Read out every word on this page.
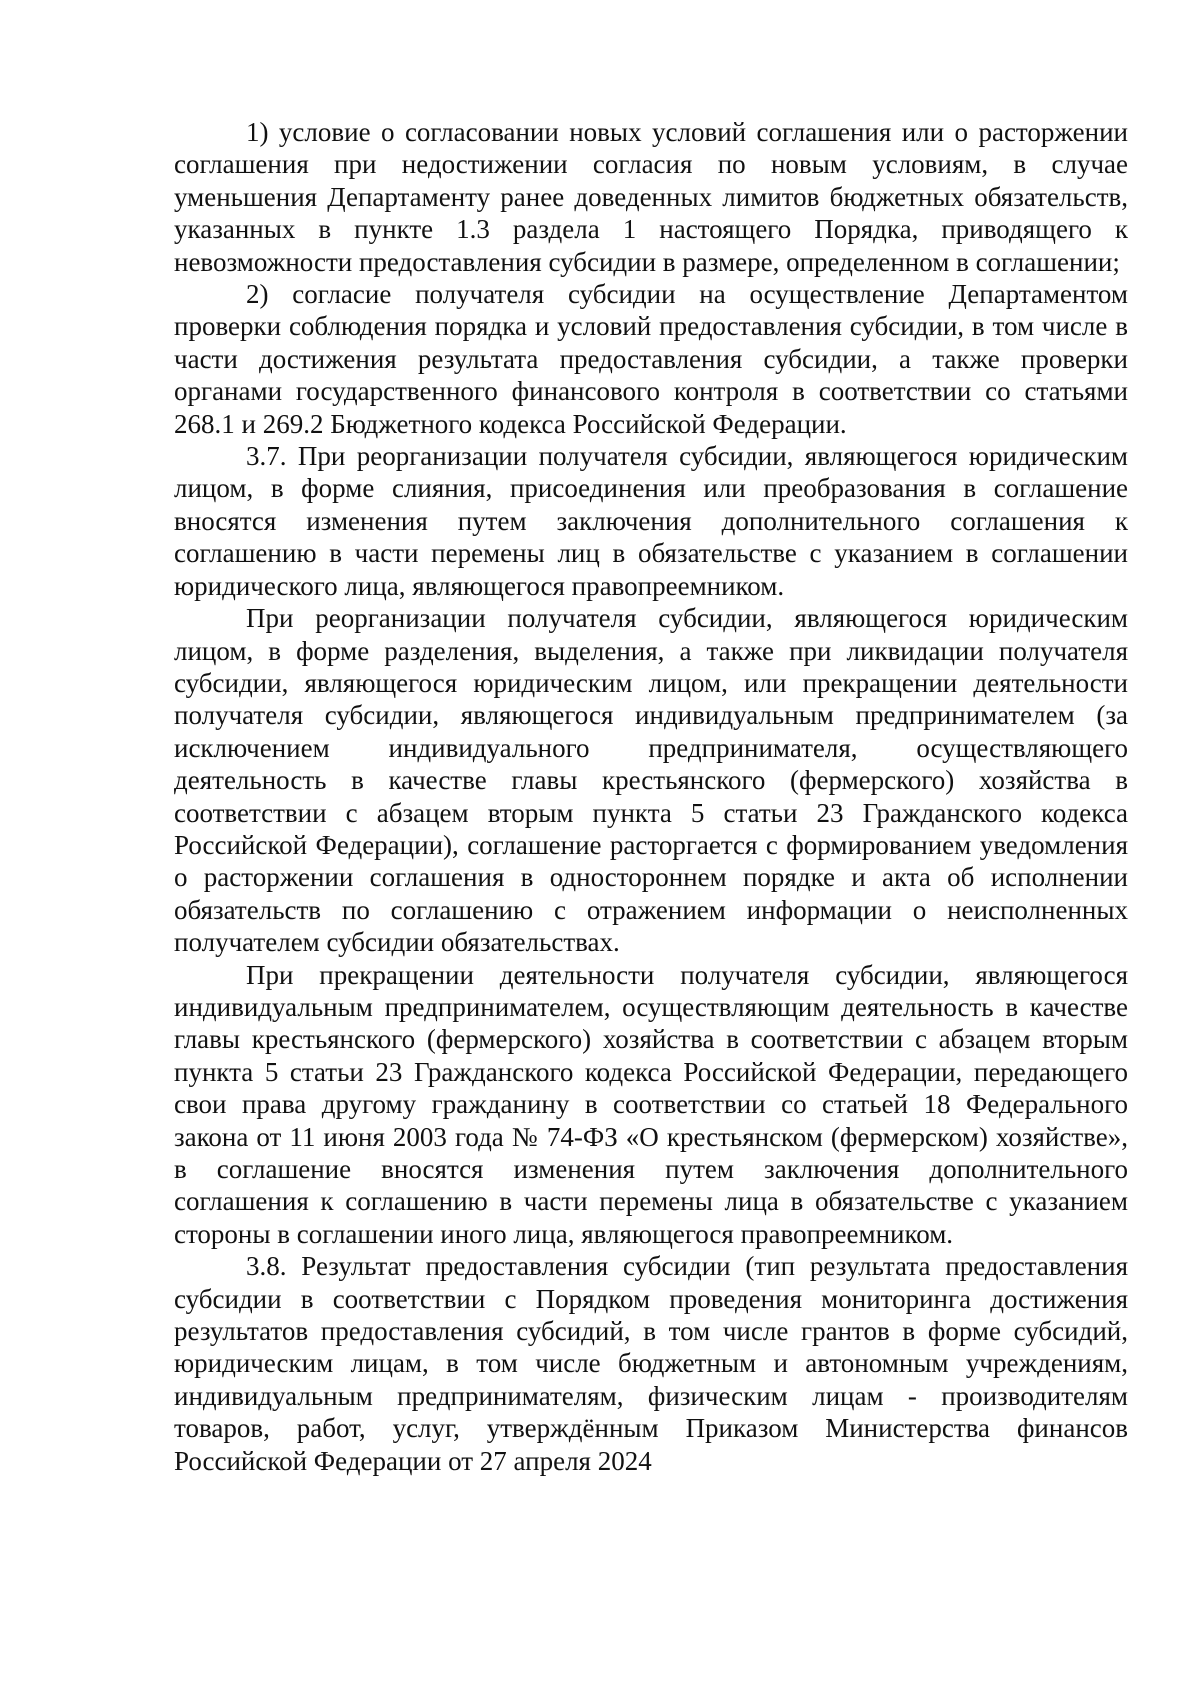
1) условие о согласовании новых условий соглашения или о расторжении соглашения при недостижении согласия по новым условиям, в случае уменьшения Департаменту ранее доведенных лимитов бюджетных обязательств, указанных в пункте 1.3 раздела 1 настоящего Порядка, приводящего к невозможности предоставления субсидии в размере, определенном в соглашении;

2) согласие получателя субсидии на осуществление Департаментом проверки соблюдения порядка и условий предоставления субсидии, в том числе в части достижения результата предоставления субсидии, а также проверки органами государственного финансового контроля в соответствии со статьями 268.1 и 269.2 Бюджетного кодекса Российской Федерации.

3.7. При реорганизации получателя субсидии, являющегося юридическим лицом, в форме слияния, присоединения или преобразования в соглашение вносятся изменения путем заключения дополнительного соглашения к соглашению в части перемены лиц в обязательстве с указанием в соглашении юридического лица, являющегося правопреемником.

При реорганизации получателя субсидии, являющегося юридическим лицом, в форме разделения, выделения, а также при ликвидации получателя субсидии, являющегося юридическим лицом, или прекращении деятельности получателя субсидии, являющегося индивидуальным предпринимателем (за исключением индивидуального предпринимателя, осуществляющего деятельность в качестве главы крестьянского (фермерского) хозяйства в соответствии с абзацем вторым пункта 5 статьи 23 Гражданского кодекса Российской Федерации), соглашение расторгается с формированием уведомления о расторжении соглашения в одностороннем порядке и акта об исполнении обязательств по соглашению с отражением информации о неисполненных получателем субсидии обязательствах.

При прекращении деятельности получателя субсидии, являющегося индивидуальным предпринимателем, осуществляющим деятельность в качестве главы крестьянского (фермерского) хозяйства в соответствии с абзацем вторым пункта 5 статьи 23 Гражданского кодекса Российской Федерации, передающего свои права другому гражданину в соответствии со статьей 18 Федерального закона от 11 июня 2003 года № 74-ФЗ «О крестьянском (фермерском) хозяйстве», в соглашение вносятся изменения путем заключения дополнительного соглашения к соглашению в части перемены лица в обязательстве с указанием стороны в соглашении иного лица, являющегося правопреемником.

3.8. Результат предоставления субсидии (тип результата предоставления субсидии в соответствии с Порядком проведения мониторинга достижения результатов предоставления субсидий, в том числе грантов в форме субсидий, юридическим лицам, в том числе бюджетным и автономным учреждениям, индивидуальным предпринимателям, физическим лицам - производителям товаров, работ, услуг, утверждённым Приказом Министерства финансов Российской Федерации от 27 апреля 2024
